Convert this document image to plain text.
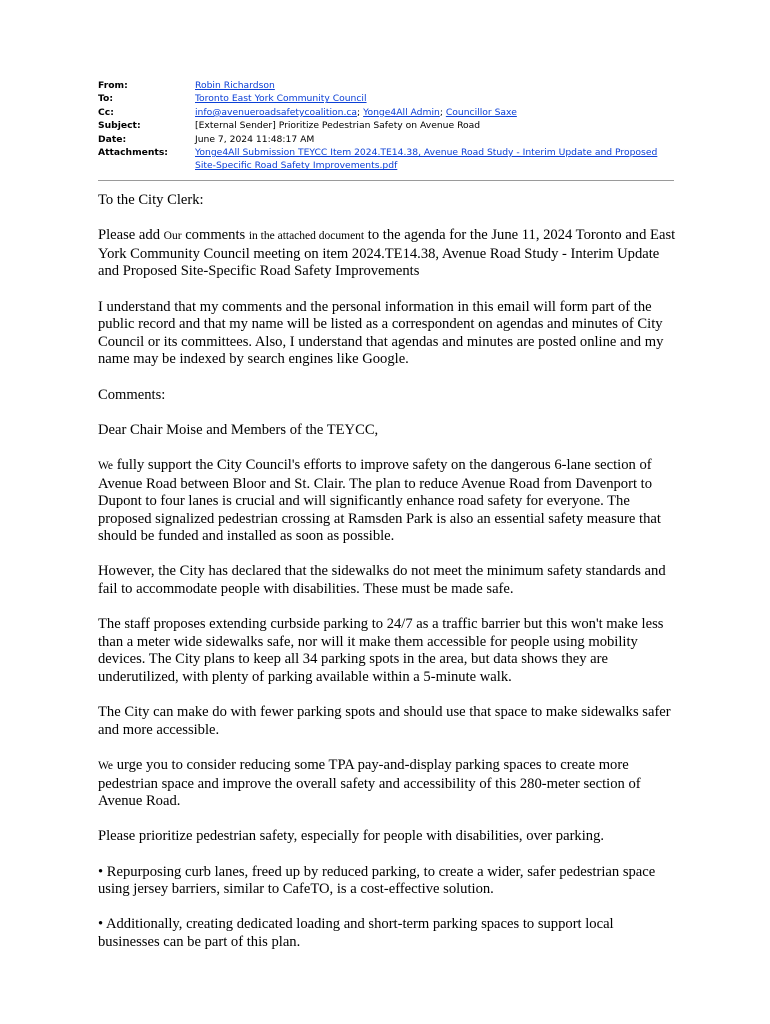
From:	Robin Richardson
To:	Toronto East York Community Council
Cc:	info@avenueroadsafetycoalition.ca; Yonge4All Admin; Councillor Saxe
Subject:	[External Sender] Prioritize Pedestrian Safety on Avenue Road
Date:	June 7, 2024 11:48:17 AM
Attachments:	Yonge4All Submission TEYCC Item 2024.TE14.38, Avenue Road Study - Interim Update and Proposed Site-Specific Road Safety Improvements.pdf

To the City Clerk:

Please add Our comments in the attached document to the agenda for the June 11, 2024 Toronto and East York Community Council meeting on item 2024.TE14.38, Avenue Road Study - Interim Update and Proposed Site-Specific Road Safety Improvements

I understand that my comments and the personal information in this email will form part of the public record and that my name will be listed as a correspondent on agendas and minutes of City Council or its committees. Also, I understand that agendas and minutes are posted online and my name may be indexed by search engines like Google.

Comments:

Dear Chair Moise and Members of the TEYCC,

We fully support the City Council's efforts to improve safety on the dangerous 6-lane section of Avenue Road between Bloor and St. Clair. The plan to reduce Avenue Road from Davenport to Dupont to four lanes is crucial and will significantly enhance road safety for everyone. The proposed signalized pedestrian crossing at Ramsden Park is also an essential safety measure that should be funded and installed as soon as possible.

However, the City has declared that the sidewalks do not meet the minimum safety standards and fail to accommodate people with disabilities. These must be made safe.

The staff proposes extending curbside parking to 24/7 as a traffic barrier but this won't make less than a meter wide sidewalks safe, nor will it make them accessible for people using mobility devices. The City plans to keep all 34 parking spots in the area, but data shows they are underutilized, with plenty of parking available within a 5-minute walk.

The City can make do with fewer parking spots and should use that space to make sidewalks safer and more accessible.

We urge you to consider reducing some TPA pay-and-display parking spaces to create more pedestrian space and improve the overall safety and accessibility of this 280-meter section of Avenue Road.

Please prioritize pedestrian safety, especially for people with disabilities, over parking.

• Repurposing curb lanes, freed up by reduced parking, to create a wider, safer pedestrian space using jersey barriers, similar to CafeTO, is a cost-effective solution.

• Additionally, creating dedicated loading and short-term parking spaces to support local businesses can be part of this plan.
